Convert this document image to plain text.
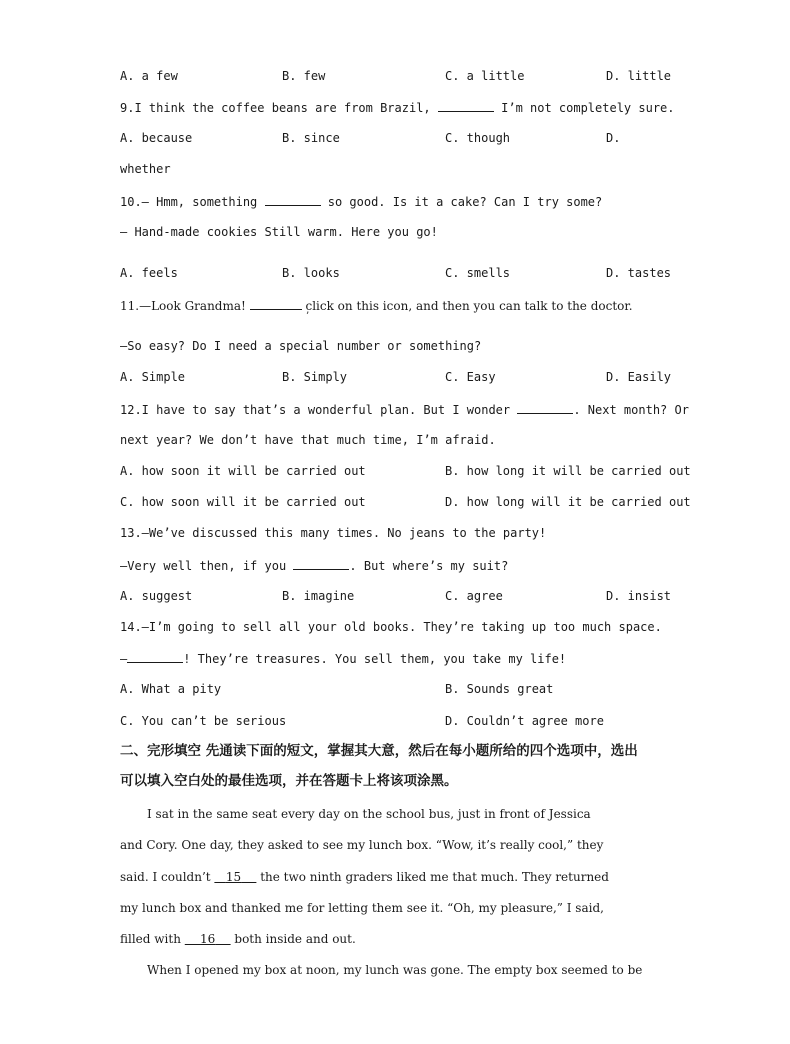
A. a few	B. few	C. a little	D. little
9.I think the coffee beans are from Brazil,	I’m not completely sure.
A. because	B. since	C. though	D.
whether
10.— Hmm, something	so good. Is it a cake? Can I try some?
— Hand-made cookies Still warm. Here you go!
A. feels	B. looks	C. smells	D. tastes
11.—Look Grandma!	click on this icon, and then you can talk to the doctor.
’
—So easy? Do I need a special number or something?
A. Simple	B. Simply	C. Easy	D. Easily
12.I have to say that’s a wonderful plan. But I wonder	. Next month? Or
next year? We don’t have that much time, I’m afraid.
A. how soon it will be carried out	B. how long it will be carried out
C. how soon will it be carried out	D. how long will it be carried out
13.—We’ve discussed this many times. No jeans to the party!
—Very well then, if you	. But where’s my suit?
A. suggest	B. imagine	C. agree	D. insist
14.—I’m going to sell all your old books. They’re taking up too much space.
—	! They’re treasures. You sell them, you take my life!
A. What a pity	B. Sounds great
C. You can’t be serious	D. Couldn’t agree more
二、完形填空 先通读下面的短文，掌握其大意，然后在每小题所给的四个选项中，选出
可以填入空白处的最佳选项，并在答题卡上将该项涂黑。
I sat in the same seat every day on the school bus, just in front of Jessica
and Cory. One day, they asked to see my lunch box. “Wow, it’s really cool,” they
said. I couldn’t    15     the two ninth graders liked me that much. They returned
my lunch box and thanked me for letting them see it. “Oh, my pleasure,” I said,
filled with     16     both inside and out.
When I opened my box at noon, my lunch was gone. The empty box seemed to be
